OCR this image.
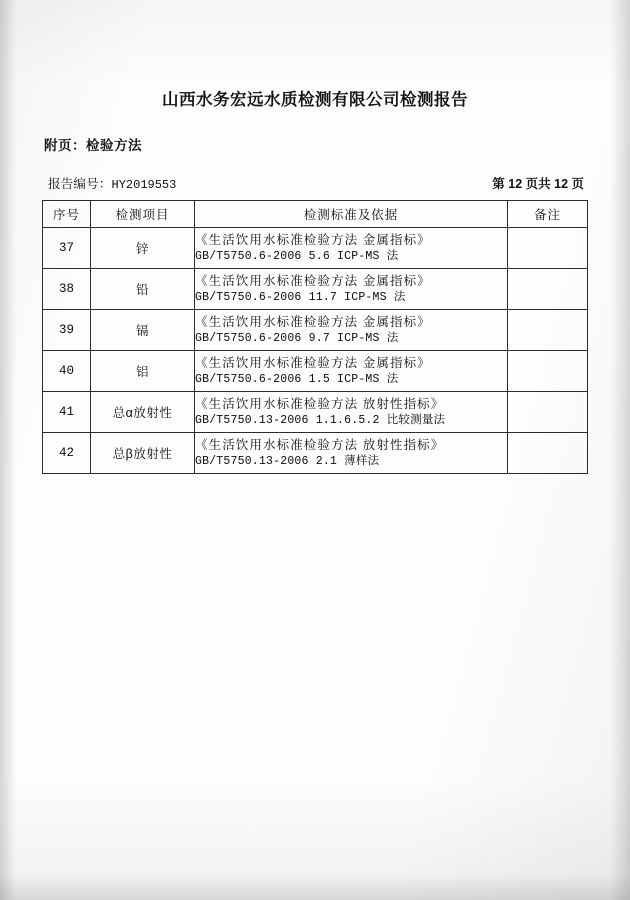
山西水务宏远水质检测有限公司检测报告
附页：检验方法
报告编号：HY2019553	第 12 页共 12 页
序号	检测项目	检测标准及依据	备注
37	锌	《生活饮用水标准检验方法 金属指标》
GB/T5750.6-2006 5.6 ICP-MS 法	

38	铅	《生活饮用水标准检验方法 金属指标》
GB/T5750.6-2006 11.7 ICP-MS 法	

39	镉	《生活饮用水标准检验方法 金属指标》
GB/T5750.6-2006 9.7 ICP-MS 法	

40	铝	《生活饮用水标准检验方法 金属指标》
GB/T5750.6-2006 1.5 ICP-MS 法	

41	总α放射性	《生活饮用水标准检验方法 放射性指标》
GB/T5750.13-2006 1.1.6.5.2 比较测量法	

42	总β放射性	《生活饮用水标准检验方法 放射性指标》
GB/T5750.13-2006 2.1 薄样法	
